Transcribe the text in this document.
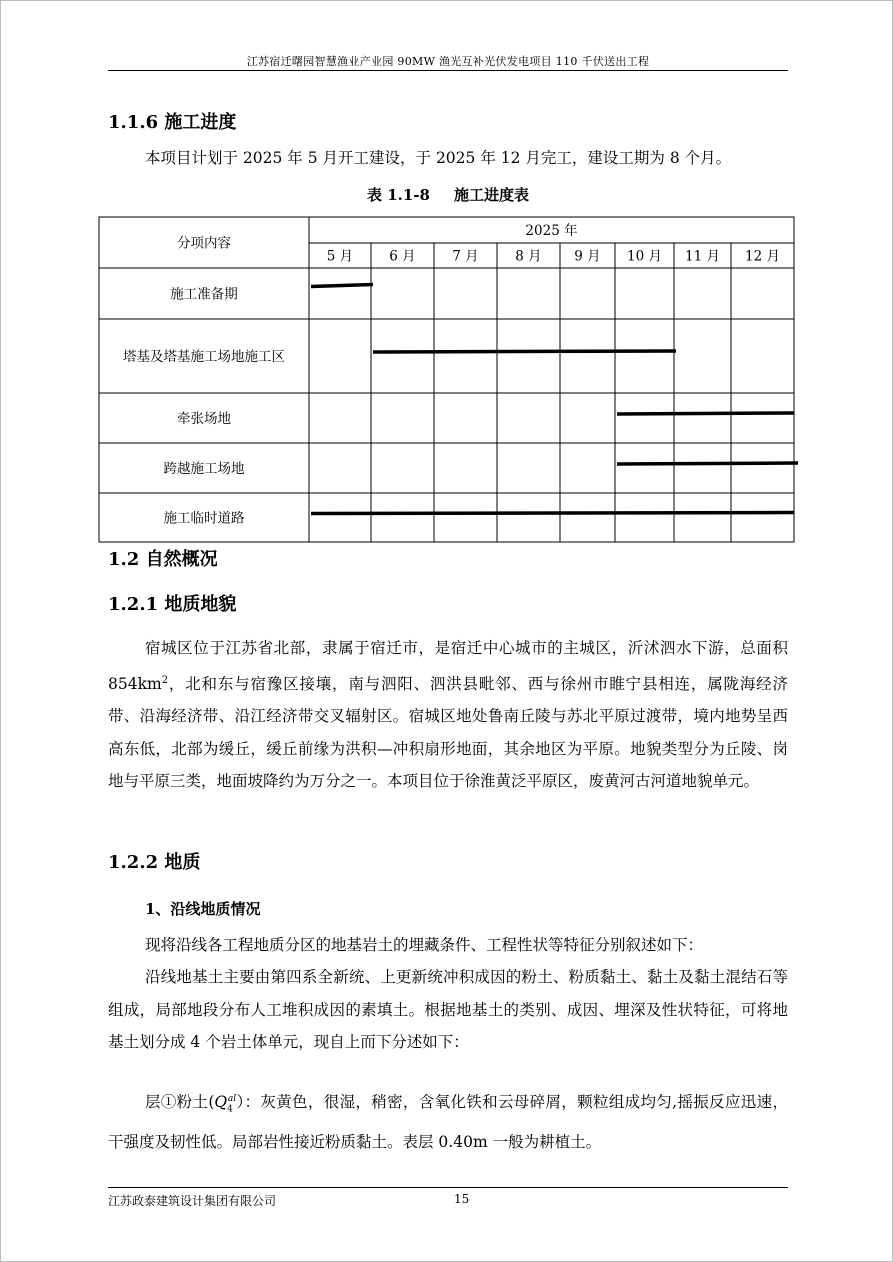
江苏宿迁曙园智慧渔业产业园 90MW 渔光互补光伏发电项目 110 千伏送出工程
1.1.6 施工进度
本项目计划于 2025 年 5 月开工建设，于 2025 年 12 月完工，建设工期为 8 个月。
表 1.1-8 施工进度表
分项内容
2025 年
5 月	6 月	7 月	8 月 9 月 10 月 11 月 12 月
施工准备期
塔基及塔基施工场地施工区
牵张场地
跨越施工场地
施工临时道路
1.2 自然概况
1.2.1 地质地貌
宿城区位于江苏省北部，隶属于宿迁市，是宿迁中心城市的主城区，沂沭泗水下游，总面积 $854km^2$，北和东与宿豫区接壤，南与泗阳、泗洪县毗邻、西与徐州市睢宁县相连，属陇海经济带、沿海经济带、沿江经济带交叉辐射区。宿城区地处鲁南丘陵与苏北平原过渡带，境内地势呈西高东低，北部为缓丘，缓丘前缘为洪积—冲积扇形地面，其余地区为平原。地貌类型分为丘陵、岗地与平原三类，地面坡降约为万分之一。本项目位于徐淮黄泛平原区，废黄河古河道地貌单元。
1.2.2 地质
1、沿线地质情况
现将沿线各工程地质分区的地基岩土的埋藏条件、工程性状等特征分别叙述如下：
沿线地基土主要由第四系全新统、上更新统冲积成因的粉土、粉质黏土、黏土及黏土混结石等组成，局部地段分布人工堆积成因的素填土。根据地基土的类别、成因、埋深及性状特征，可将地基土划分成 4 个岩土体单元，现自上而下分述如下：
层①粉土$(Q_4^{al})$：灰黄色，很湿，稍密，含氧化铁和云母碎屑，颗粒组成均匀,摇振反应迅速，干强度及韧性低。局部岩性接近粉质黏土。表层 0.40m 一般为耕植土。
江苏政泰建筑设计集团有限公司	15
